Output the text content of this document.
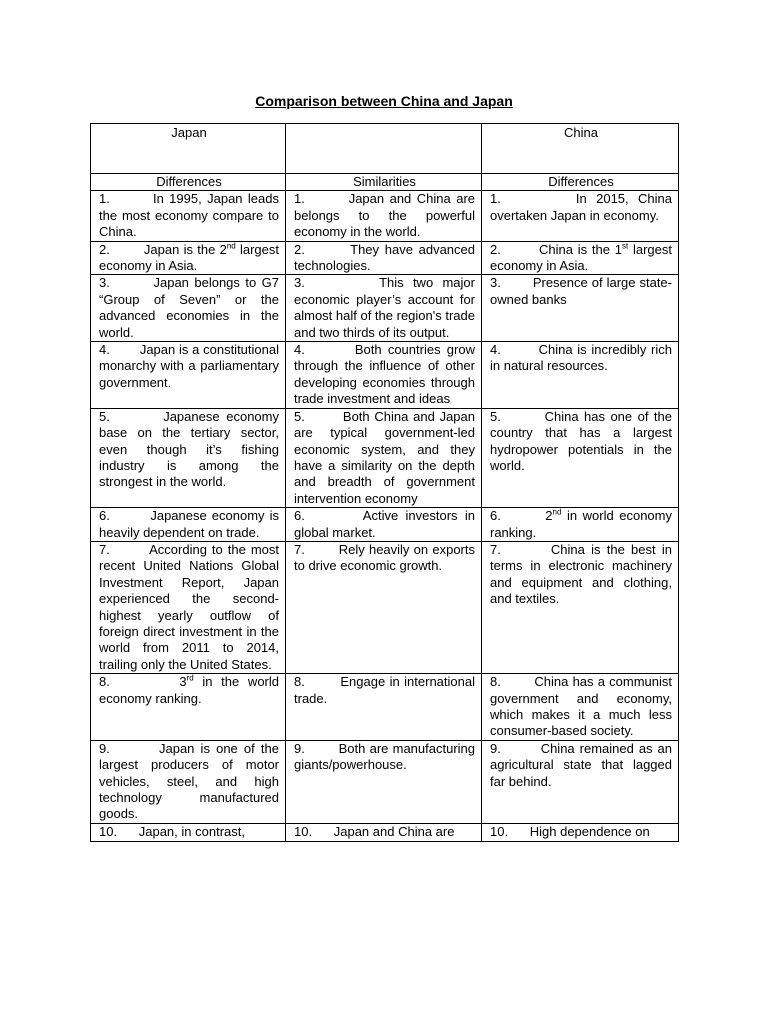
Comparison between China and Japan
Japan		China
Differences	Similarities	Differences

1.        In 1995, Japan leads the most economy compare to China.	1.        Japan and China are belongs to the powerful economy in the world.	1.        In 2015, China overtaken Japan in economy.

2.        Japan is the 2nd largest economy in Asia.	2.        They have advanced technologies.	2.        China is the 1st largest economy in Asia.

3.        Japan belongs to G7 “Group of Seven” or the advanced economies in the world.	3.        This two major economic player’s account for almost half of the region's trade and two thirds of its output.	3.        Presence of large state-owned banks

4.        Japan is a constitutional monarchy with a parliamentary government.	4.        Both countries grow through the influence of other developing economies through trade investment and ideas	4.        China is incredibly rich in natural resources.

5.        Japanese economy base on the tertiary sector, even though it’s fishing industry is among the strongest in the world.	5.        Both China and Japan are typical government-led economic system, and they have a similarity on the depth and breadth of government intervention economy	5.        China has one of the country that has a largest hydropower potentials in the world.

6.        Japanese economy is heavily dependent on trade.	6.        Active investors in global market.	6.        2nd in world economy ranking.

7.        According to the most recent United Nations Global Investment Report, Japan experienced the second-highest yearly outflow of foreign direct investment in the world from 2011 to 2014, trailing only the United States.	7.        Rely heavily on exports to drive economic growth.	7.        China is the best in terms in electronic machinery and equipment and clothing, and textiles.

8.        3rd in the world economy ranking.	8.        Engage in international trade.	8.        China has a communist government and economy, which makes it a much less consumer-based society.

9.        Japan is one of the largest producers of motor vehicles, steel, and high technology manufactured goods.	9.        Both are manufacturing giants/powerhouse.	9.        China remained as an agricultural state that lagged far behind.

10.      Japan, in contrast,	10.      Japan and China are	10.      High dependence on
